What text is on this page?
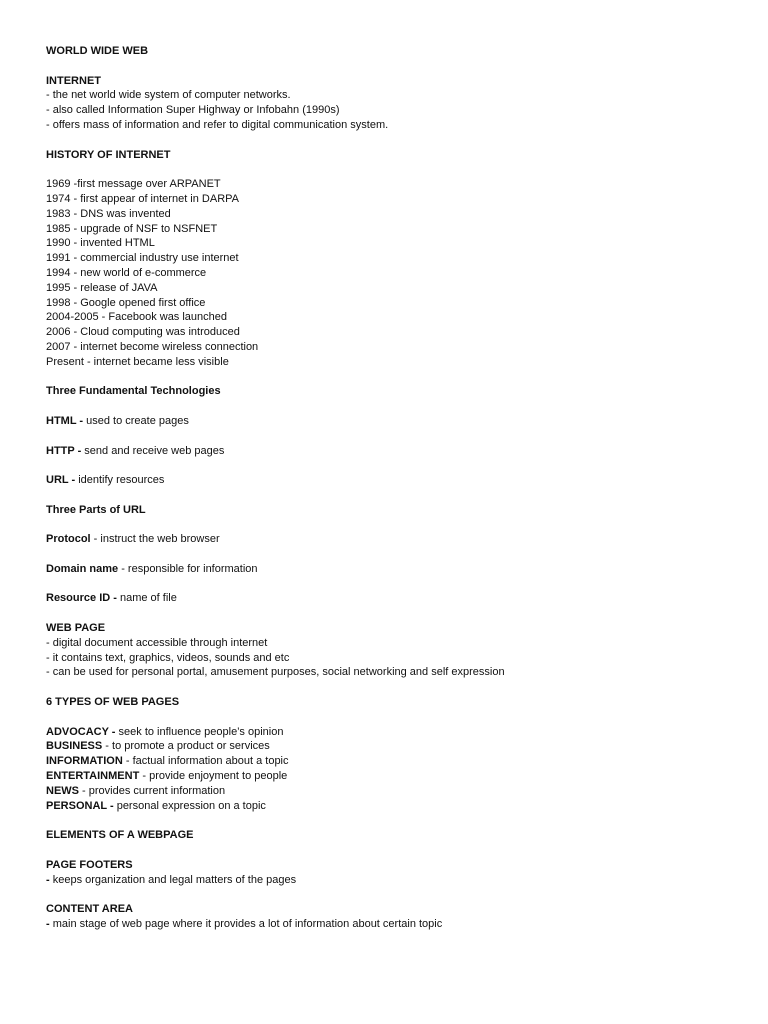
WORLD WIDE WEB
INTERNET
- the net world wide system of computer networks.
- also called Information Super Highway or Infobahn (1990s)
- offers mass of information and refer to digital communication system.
HISTORY OF INTERNET
1969 -first message over ARPANET
1974 - first appear of internet in DARPA
1983 - DNS was invented
1985 - upgrade of NSF to NSFNET
1990 - invented HTML
1991 - commercial industry use internet
1994 - new world of e-commerce
1995 - release of JAVA
1998 - Google opened first office
2004-2005 - Facebook was launched
2006 - Cloud computing was introduced
2007 - internet become wireless connection
Present - internet became less visible
Three Fundamental Technologies
HTML - used to create pages
HTTP - send and receive web pages
URL - identify resources
Three Parts of URL
Protocol - instruct the web browser
Domain name - responsible for information
Resource ID - name of file
WEB PAGE
- digital document accessible through internet
- it contains text, graphics, videos, sounds and etc
- can be used for personal portal, amusement purposes, social networking and self expression
6 TYPES OF WEB PAGES
ADVOCACY - seek to influence people’s opinion
BUSINESS - to promote a product or services
INFORMATION - factual information about a topic
ENTERTAINMENT - provide enjoyment to people
NEWS - provides current information
PERSONAL - personal expression on a topic
ELEMENTS OF A WEBPAGE
PAGE FOOTERS
- keeps organization and legal matters of the pages
CONTENT AREA
- main stage of web page where it provides a lot of information about certain topic
